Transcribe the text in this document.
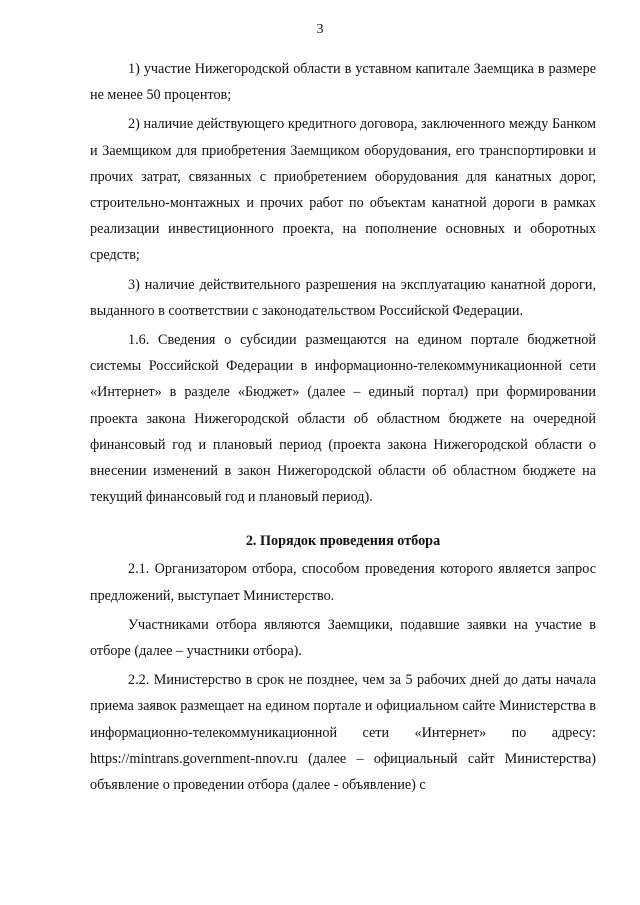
3

1) участие Нижегородской области в уставном капитале Заемщика в размере не менее 50 процентов;

2) наличие действующего кредитного договора, заключенного между Банком и Заемщиком для приобретения Заемщиком оборудования, его транспортировки и прочих затрат, связанных с приобретением оборудования для канатных дорог, строительно-монтажных и прочих работ по объектам канатной дороги в рамках реализации инвестиционного проекта, на пополнение основных и оборотных средств;

3) наличие действительного разрешения на эксплуатацию канатной дороги, выданного в соответствии с законодательством Российской Федерации.

1.6. Сведения о субсидии размещаются на едином портале бюджетной системы Российской Федерации в информационно-телекоммуникационной сети «Интернет» в разделе «Бюджет» (далее – единый портал) при формировании проекта закона Нижегородской области об областном бюджете на очередной финансовый год и плановый период (проекта закона Нижегородской области о внесении изменений в закон Нижегородской области об областном бюджете на текущий финансовый год и плановый период).

2. Порядок проведения отбора

2.1. Организатором отбора, способом проведения которого является запрос предложений, выступает Министерство.

Участниками отбора являются Заемщики, подавшие заявки на участие в отборе (далее – участники отбора).

2.2. Министерство в срок не позднее, чем за 5 рабочих дней до даты начала приема заявок размещает на едином портале и официальном сайте Министерства в информационно-телекоммуникационной сети «Интернет» по адресу: https://mintrans.government-nnov.ru (далее – официальный сайт Министерства) объявление о проведении отбора (далее - объявление) с
